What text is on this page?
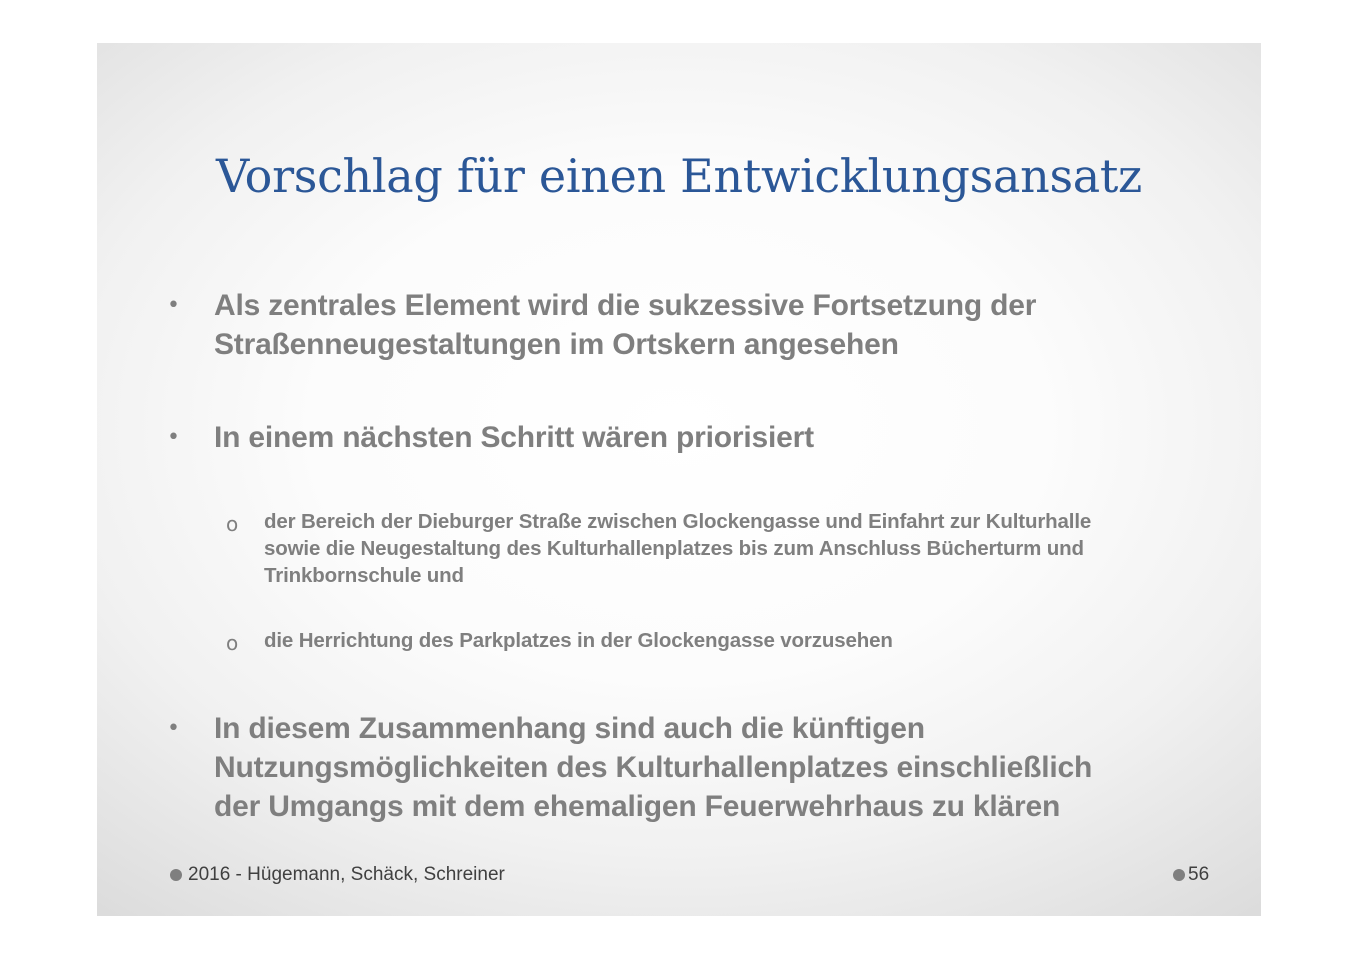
Vorschlag für einen Entwicklungsansatz
•	Als zentrales Element wird die sukzessive Fortsetzung der
Straßenneugestaltungen im Ortskern angesehen
•	In einem nächsten Schritt wären priorisiert
o	der Bereich der Dieburger Straße zwischen Glockengasse und Einfahrt zur Kulturhalle
sowie die Neugestaltung des Kulturhallenplatzes bis zum Anschluss Bücherturm und
Trinkbornschule und
o	die Herrichtung des Parkplatzes in der Glockengasse vorzusehen
•	In diesem Zusammenhang sind auch die künftigen
Nutzungsmöglichkeiten des Kulturhallenplatzes einschließlich
der Umgangs mit dem ehemaligen Feuerwehrhaus zu klären
2016 - Hügemann, Schäck, Schreiner	56
